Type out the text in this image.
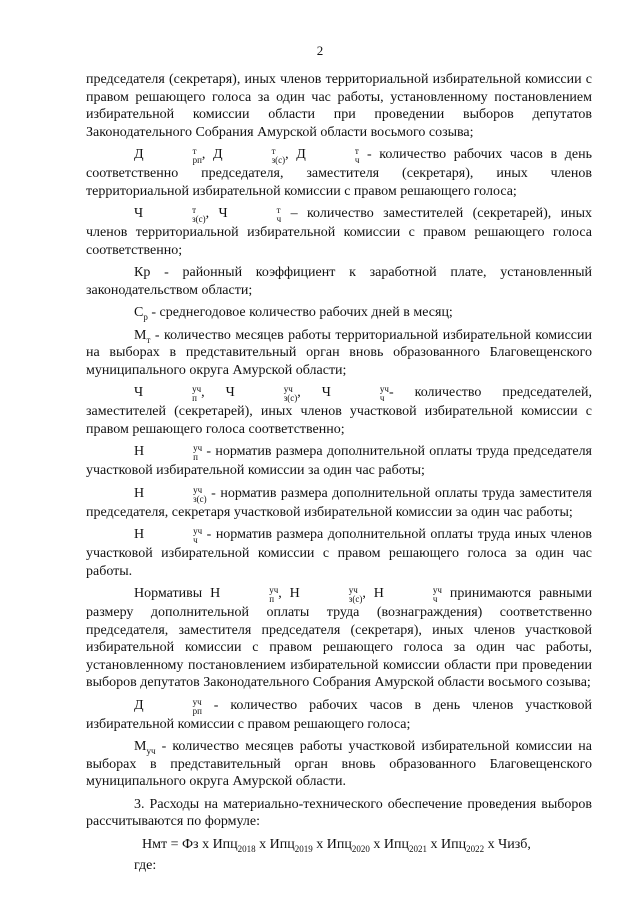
2

председателя (секретаря), иных членов территориальной избирательной комиссии с правом решающего голоса за один час работы, установленному постановлением избирательной комиссии области при проведении выборов депутатов Законодательного Собрания Амурской области восьмого созыва;

Д	т
рп , Д	т
з(с) , Д	т
ч - количество рабочих часов в день соответственно председателя, заместителя (секретаря), иных членов территориальной избирательной комиссии с правом решающего голоса;

Ч	т
з(с) , Ч	т
ч – количество заместителей (секретарей), иных членов территориальной избирательной комиссии с правом решающего голоса соответственно;

Кр - районный коэффициент к заработной плате, установленный законодательством области;

$С_р$ - среднегодовое количество рабочих дней в месяц;

$М_т$ - количество месяцев работы территориальной избирательной комиссии на выборах в представительный орган вновь образованного Благовещенского муниципального округа Амурской области;

Ч	уч
п , Ч	уч
з(с) , Ч	уч
ч - количество председателей, заместителей (секретарей), иных членов участковой избирательной комиссии с правом решающего голоса соответственно;

Н	уч
п - норматив размера дополнительной оплаты труда председателя участковой избирательной комиссии за один час работы;

Н	уч
з(с) - норматив размера дополнительной оплаты труда заместителя председателя, секретаря участковой избирательной комиссии за один час работы;

Н	уч
ч - норматив размера дополнительной оплаты труда иных членов участковой избирательной комиссии с правом решающего голоса за один час работы.

Нормативы Н	уч
п , Н	уч
з(с) , Н	уч
ч принимаются равными размеру дополнительной оплаты труда (вознаграждения) соответственно председателя, заместителя председателя (секретаря), иных членов участковой избирательной комиссии с правом решающего голоса за один час работы, установленному постановлением избирательной комиссии области при проведении выборов депутатов Законодательного Собрания Амурской области восьмого созыва;

Д	уч
рп - количество рабочих часов в день членов участковой избирательной комиссии с правом решающего голоса;

$М_{уч}$ - количество месяцев работы участковой избирательной комиссии на выборах в представительный орган вновь образованного Благовещенского муниципального округа Амурской области.

3. Расходы на материально-технического обеспечение проведения выборов рассчитываются по формуле:

Нмт = Фз х Ипц$_{2018}$ х Ипц$_{2019}$ х Ипц$_{2020}$ х Ипц$_{2021}$ х Ипц$_{2022}$ х Чизб,

где:
